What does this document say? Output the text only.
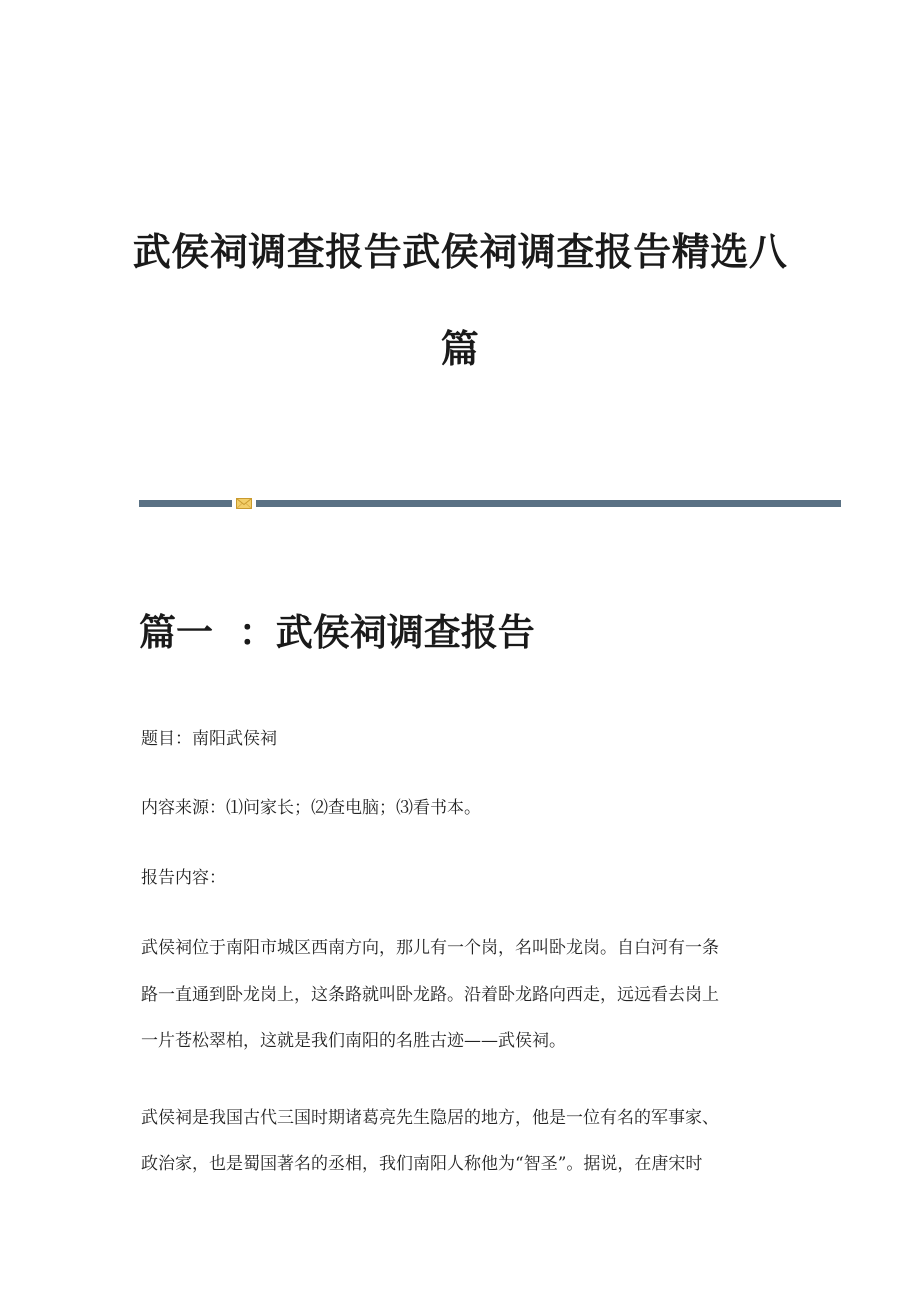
武侯祠调查报告武侯祠调查报告精选八
篇
篇一  ：武侯祠调查报告

题目：南阳武侯祠

内容来源：⑴问家长；⑵查电脑；⑶看书本。

报告内容：

武侯祠位于南阳市城区西南方向，那儿有一个岗，名叫卧龙岗。自白河有一条

路一直通到卧龙岗上，这条路就叫卧龙路。沿着卧龙路向西走，远远看去岗上

一片苍松翠柏，这就是我们南阳的名胜古迹——武侯祠。

武侯祠是我国古代三国时期诸葛亮先生隐居的地方，他是一位有名的军事家、

政治家，也是蜀国著名的丞相，我们南阳人称他为“智圣”。据说，在唐宋时
